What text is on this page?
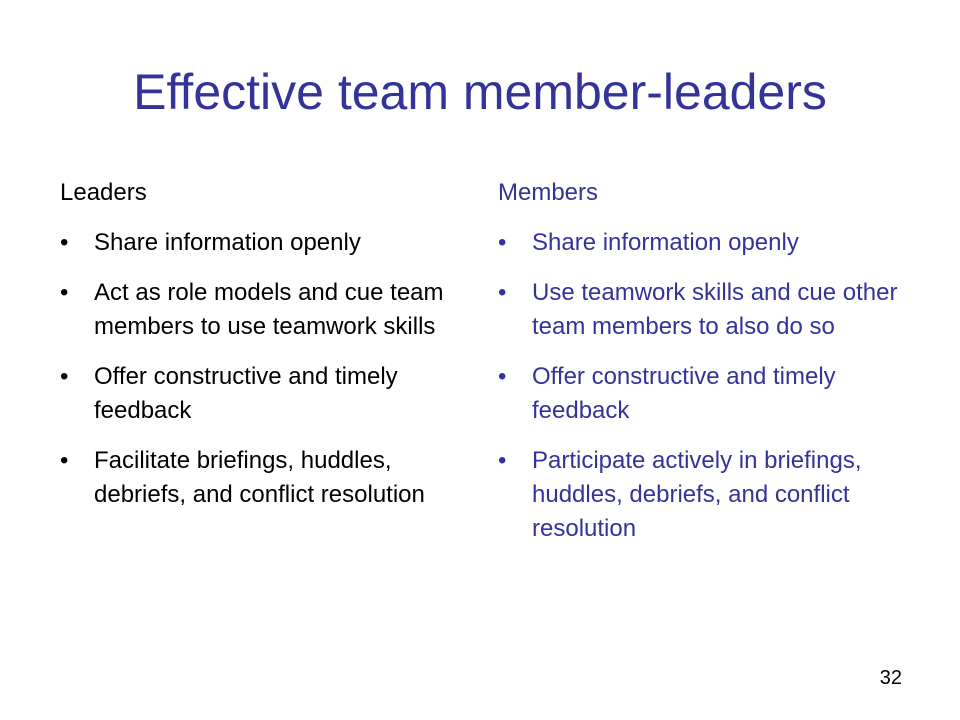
Effective team member-leaders
Leaders
•	Share information openly
•	Act as role models and cue team members to use teamwork skills
•	Offer constructive and timely feedback
•	Facilitate briefings, huddles, debriefs, and conflict resolution
Members
•	Share information openly
•	Use teamwork skills and cue other team members to also do so
•	Offer constructive and timely feedback
•	Participate actively in briefings, huddles, debriefs, and conflict resolution
32
